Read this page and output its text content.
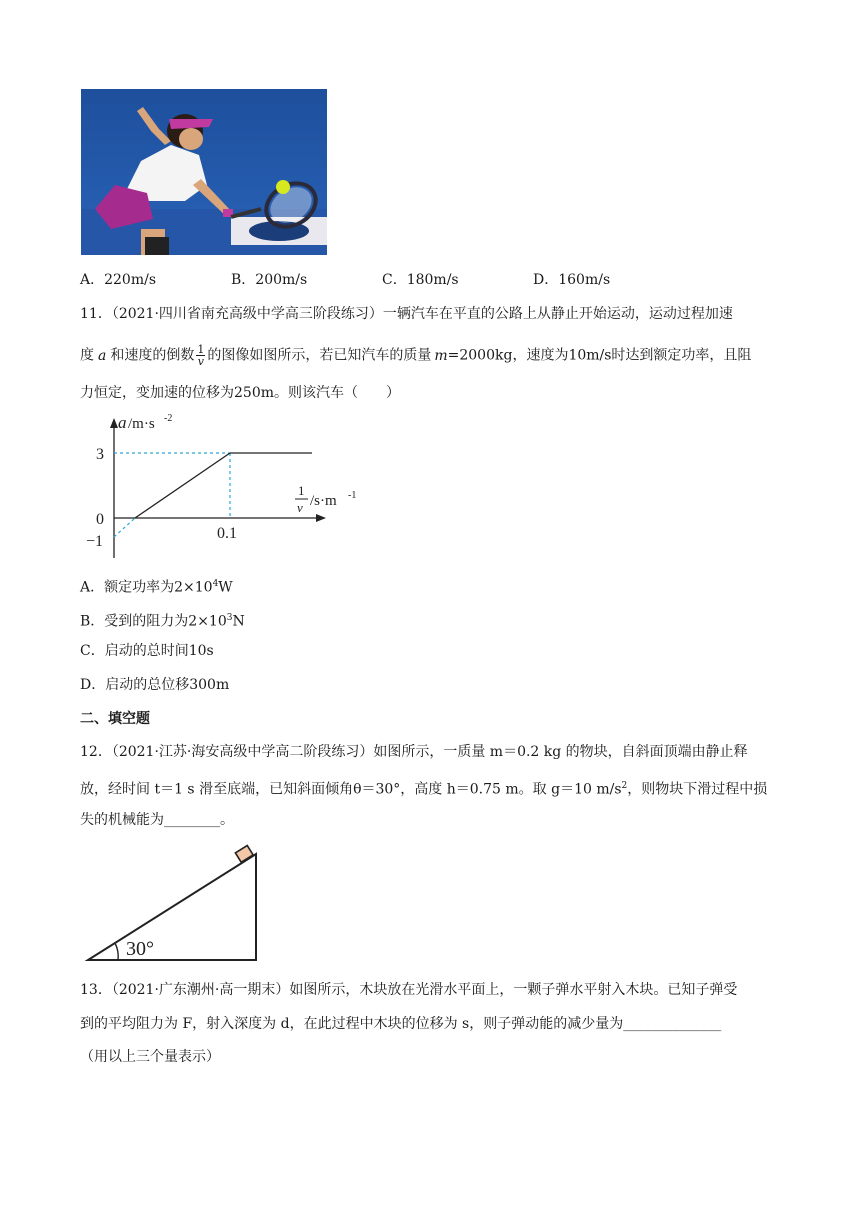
A．220m/s	B．200m/s	C．180m/s	D．160m/s
11．（2021·四川省南充高级中学高三阶段练习）一辆汽车在平直的公路上从静止开始运动，运动过程加速
度 a 和速度的倒数 $\frac{1}{v}$ 的图像如图所示，若已知汽车的质量 m=2000kg，速度为10m/s时达到额定功率，且阻
力恒定，变加速的位移为250m。则该汽车（　　）
a /m·s -2
3
0
−1	0.1
1
v /s·m -1
A．额定功率为$2\times 10^4W$
B．受到的阻力为$2\times 10^3N$
C．启动的总时间10s
D．启动的总位移300m
二、填空题
12．（2021·江苏·海安高级中学高二阶段练习）如图所示，一质量 m＝0.2 kg 的物块，自斜面顶端由静止释
放，经时间 t＝1 s 滑至底端，已知斜面倾角θ＝30°，高度 h＝0.75 m。取 g＝10 $m/s^2$，则物块下滑过程中损
失的机械能为________。
30°
13．（2021·广东潮州·高一期末）如图所示，木块放在光滑水平面上，一颗子弹水平射入木块。已知子弹受
到的平均阻力为 F，射入深度为 d，在此过程中木块的位移为 s，则子弹动能的减少量为______________
（用以上三个量表示）
